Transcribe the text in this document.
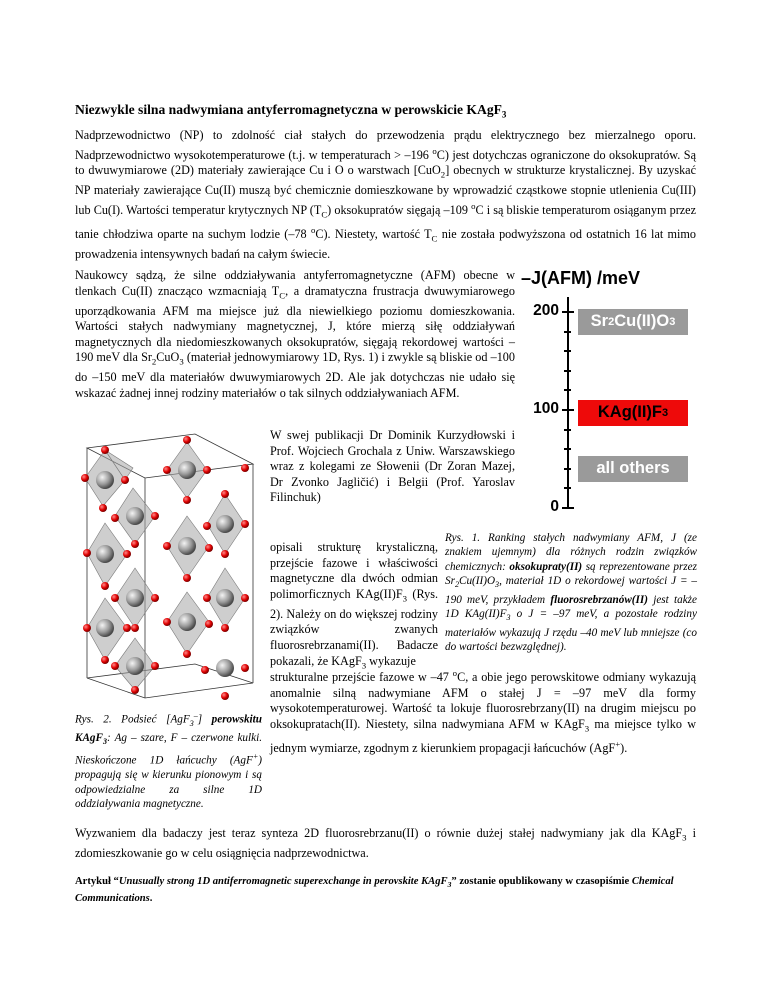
Niezwykle silna nadwymiana antyferromagnetyczna w perowskicie KAgF$_3$

Nadprzewodnictwo (NP) to zdolność ciał stałych do przewodzenia prądu elektrycznego bez mierzalnego oporu. Nadprzewodnictwo wysokotemperaturowe (t.j. w temperaturach > –196 $^o$C) jest dotychczas ograniczone do oksokupratów. Są to dwuwymiarowe (2D) materiały zawierające Cu i O o warstwach [CuO$_2$] obecnych w strukturze krystalicznej. By uzyskać NP materiały zawierające Cu(II) muszą być chemicznie domieszkowane by wprowadzić cząstkowe stopnie utlenienia Cu(III) lub Cu(I). Wartości temperatur krytycznych NP $(T_C)$ oksokupratów sięgają –109 $^o$C i są bliskie temperaturom osiąganym przez tanie chłodziwa oparte na suchym lodzie (–78 $^o$C). Niestety, wartość $T_C$ nie została podwyższona od ostatnich 16 lat mimo prowadzenia intensywnych badań na całym świecie.

Naukowcy sądzą, że silne oddziaływania antyferromagnetyczne (AFM) obecne w tlenkach Cu(II) znacząco wzmacniają $T_C$, a dramatyczna frustracja dwuwymiarowego uporządkowania AFM ma miejsce już dla niewielkiego poziomu domieszkowania. Wartości stałych nadwymiany magnetycznej, J, które mierzą siłę oddziaływań magnetycznych dla niedomieszkowanych oksokupratów, sięgają rekordowej wartości –190 meV dla $Sr_2CuO_3$ (materiał jednowymiarowy 1D, Rys. 1) i zwykle są bliskie od –100 do –150 meV dla materiałów dwuwymiarowych 2D. Ale jak dotychczas nie udało się wskazać żadnej innej rodziny materiałów o tak silnych oddziaływaniach AFM.

W swej publikacji Dr Dominik Kurzydłowski i Prof. Wojciech Grochala z Uniw. Warszawskiego wraz z kolegami ze Słowenii (Dr Zoran Mazej, Dr Zvonko Jagličić) i Belgii (Prof. Yaroslav Filinchuk)

opisali strukturę krystaliczną, przejście fazowe i właściwości magnetyczne dla dwóch odmian polimorficznych $KAg(II)F_3$ (Rys. 2). Należy on do większej rodziny związków zwanych fluorosrebrzanami(II). Badacze pokazali, że KAgF$_3$ wykazuje

strukturalne przejście fazowe w –47 $^o$C, a obie jego perowskitowe odmiany wykazują anomalnie silną nadwymiane AFM o stałej J = –97 meV dla formy wysokotemperaturowej. Wartość ta lokuje fluorosrebrzany(II) na drugim miejscu po oksokupratach(II). Niestety, silna nadwymiana AFM w KAgF$_3$ ma miejsce tylko w jednym wymiarze, zgodnym z kierunkiem propagacji łańcuchów (AgF+).

Wyzwaniem dla badaczy jest teraz synteza 2D fluorosrebrzanu(II) o równie dużej stałej nadwymiany jak dla KAgF$_3$ i zdomieszkowanie go w celu osiągnięcia nadprzewodnictwa.

Artykuł “Unusually strong 1D antiferromagnetic superexchange in perovskite KAgF$_3$” zostanie opublikowany w czasopiśmie Chemical Communications.

Rys. 1. Ranking stałych nadwymiany AFM, J (ze znakiem ujemnym) dla różnych rodzin związków chemicznych: oksokupraty(II) są reprezentowane przez $Sr_2Cu(II)O_3$, materiał 1D o rekordowej wartości J = –190 meV, przykładem fluorosrebrzanów(II) jest także 1D $KAg(II)F_3$ o J = –97 meV, a pozostałe rodziny materiałów wykazują J rzędu –40 meV lub mniejsze (co do wartości bezwzględnej).

Rys. 2. Podsieć [AgF$_3$–] perowskitu KAgF$_3$: Ag – szare, F – czerwone kulki. Nieskończone 1D łańcuchy (AgF+) propagują się w kierunku pionowym i są odpowiedzialne za silne 1D oddziaływania magnetyczne.

–J(AFM) /meV
0
100
200
Sr 2 Cu(II)O 3
KAg(II)F 3
all others
